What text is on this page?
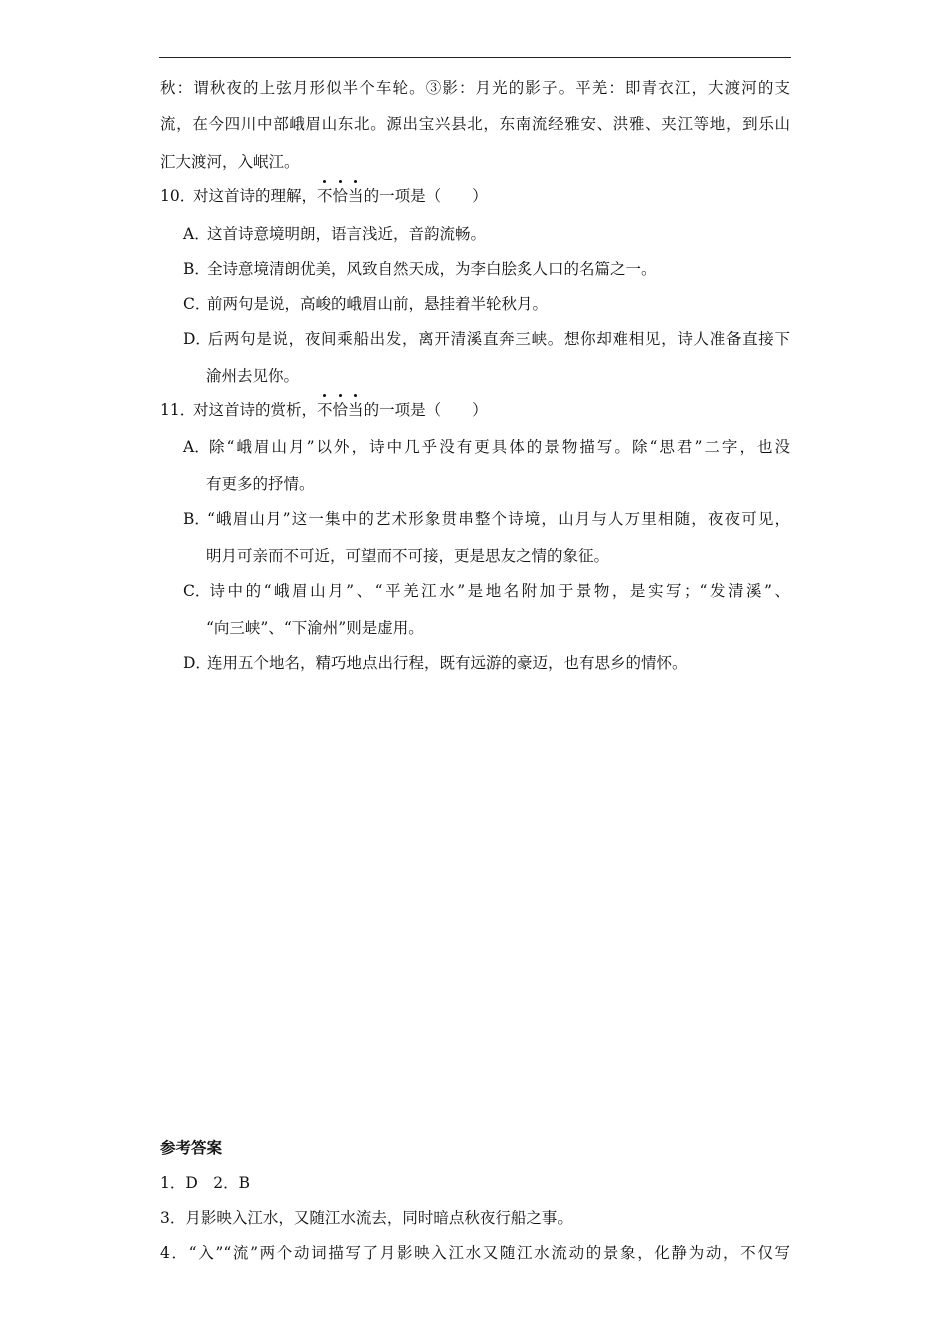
秋：谓秋夜的上弦月形似半个车轮。③影：月光的影子。平羌：即青衣江，大渡河的支
流，在今四川中部峨眉山东北。源出宝兴县北，东南流经雅安、洪雅、夹江等地，到乐山
汇大渡河，入岷江。
10．对这首诗的理解，不恰当的一项是（　　）
A．这首诗意境明朗，语言浅近，音韵流畅。
B．全诗意境清朗优美，风致自然天成，为李白脍炙人口的名篇之一。
C．前两句是说，高峻的峨眉山前，悬挂着半轮秋月。
D．后两句是说，夜间乘船出发，离开清溪直奔三峡。想你却难相见，诗人准备直接下
渝州去见你。
11．对这首诗的赏析，不恰当的一项是（　　）
A．除“峨眉山月”以外，诗中几乎没有更具体的景物描写。除“思君”二字，也没
有更多的抒情。
B．“峨眉山月”这一集中的艺术形象贯串整个诗境，山月与人万里相随，夜夜可见，
明月可亲而不可近，可望而不可接，更是思友之情的象征。
C．诗中的“峨眉山月”、“平羌江水”是地名附加于景物，是实写；“发清溪”、
“向三峡”、“下渝州”则是虚用。
D．连用五个地名，精巧地点出行程，既有远游的豪迈，也有思乡的情怀。
参考答案
1．D　2．B
3．月影映入江水，又随江水流去，同时暗点秋夜行船之事。
4．“入”“流”两个动词描写了月影映入江水又随江水流动的景象，化静为动，不仅写
